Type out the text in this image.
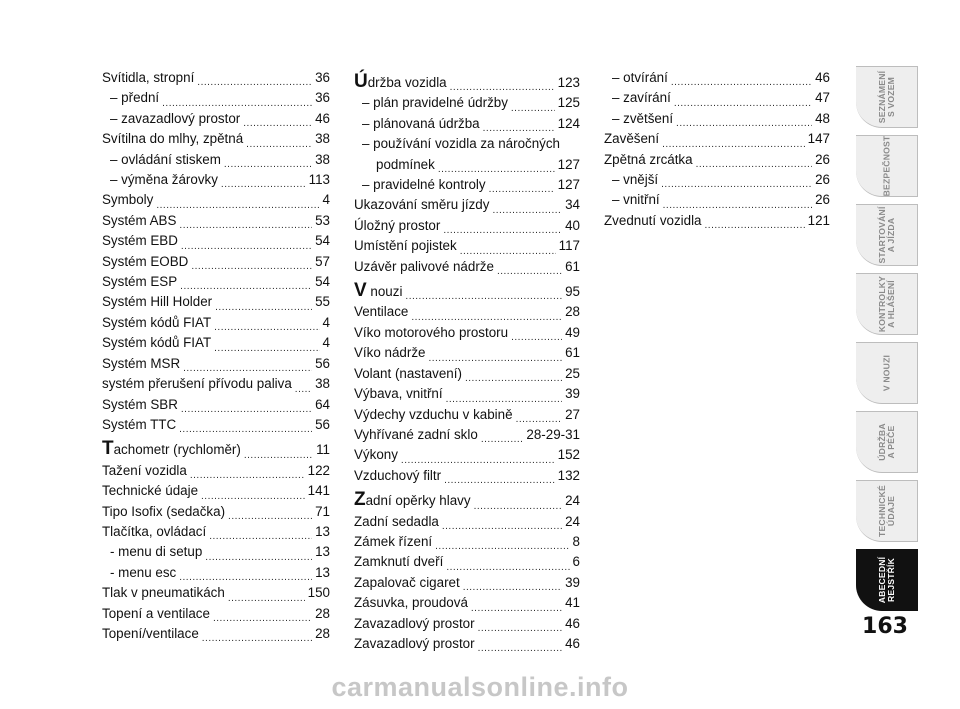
Svítidla, stropní .....	36
– přední .....	36
– zavazadlový prostor .....	46
Svítilna do mlhy, zpětná .....	38
– ovládání stiskem .....	38
– výměna žárovky .....	113
Symboly .....	4
Systém ABS .....	53
Systém EBD .....	54
Systém EOBD .....	57
Systém ESP .....	54
Systém Hill Holder .....	55
Systém kódů FIAT .....	4
Systém kódů FIAT .....	4
Systém MSR .....	56
systém přerušení přívodu paliva ..... 38
Systém SBR .....	64
Systém TTC .....	56
Tachometr (rychloměr) .....	11
Tažení vozidla .....	122
Technické údaje .....	141
Tipo Isofix (sedačka) .....	71
Tlačítka, ovládací .....	13
- menu di setup .....	13
- menu esc .....	13
Tlak v pneumatikách .....	150
Topení a ventilace .....	28
Topení/ventilace .....	28
Údržba vozidla .....	123
– plán pravidelné údržby .....	125
– plánovaná údržba .....	124
– používání vozidla za náročných
podmínek .....	127
– pravidelné kontroly .....	127
Ukazování směru jízdy .....	34
Úložný prostor .....	40
Umístění pojistek .....	117
Uzávěr palivové nádrže .....	61
V nouzi .....	95
Ventilace .....	28
Víko motorového prostoru .....	49
Víko nádrže .....	61
Volant (nastavení) .....	25
Výbava, vnitřní .....	39
Výdechy vzduchu v kabině .....	27
Vyhřívané zadní sklo .....	28-29-31
Výkony .....	152
Vzduchový filtr .....	132
Zadní opěrky hlavy .....	24
Zadní sedadla .....	24
Zámek řízení .....	8
Zamknutí dveří .....	6
Zapalovač cigaret .....	39
Zásuvka, proudová .....	41
Zavazadlový prostor .....	46
Zavazadlový prostor .....	46
– otvírání .....	46
– zavírání .....	47
– zvětšení .....	48
Zavěšení .....	147
Zpětná zrcátka .....	26
– vnější .....	26
– vnitřní .....	26
Zvednutí vozidla .....	121
SEZNÁMENÍ
S VOZEM
BEZPEČNOST
STARTOVÁNÍ
A JÍZDA
KONTROLKY
A HLÁŠENÍ
V NOUZI
ÚDRŽBA
A PÉČE
TECHNICKÉ
ÚDAJE
ABECEDNÍ
REJSTŘÍK
163
carmanualsonline.info
